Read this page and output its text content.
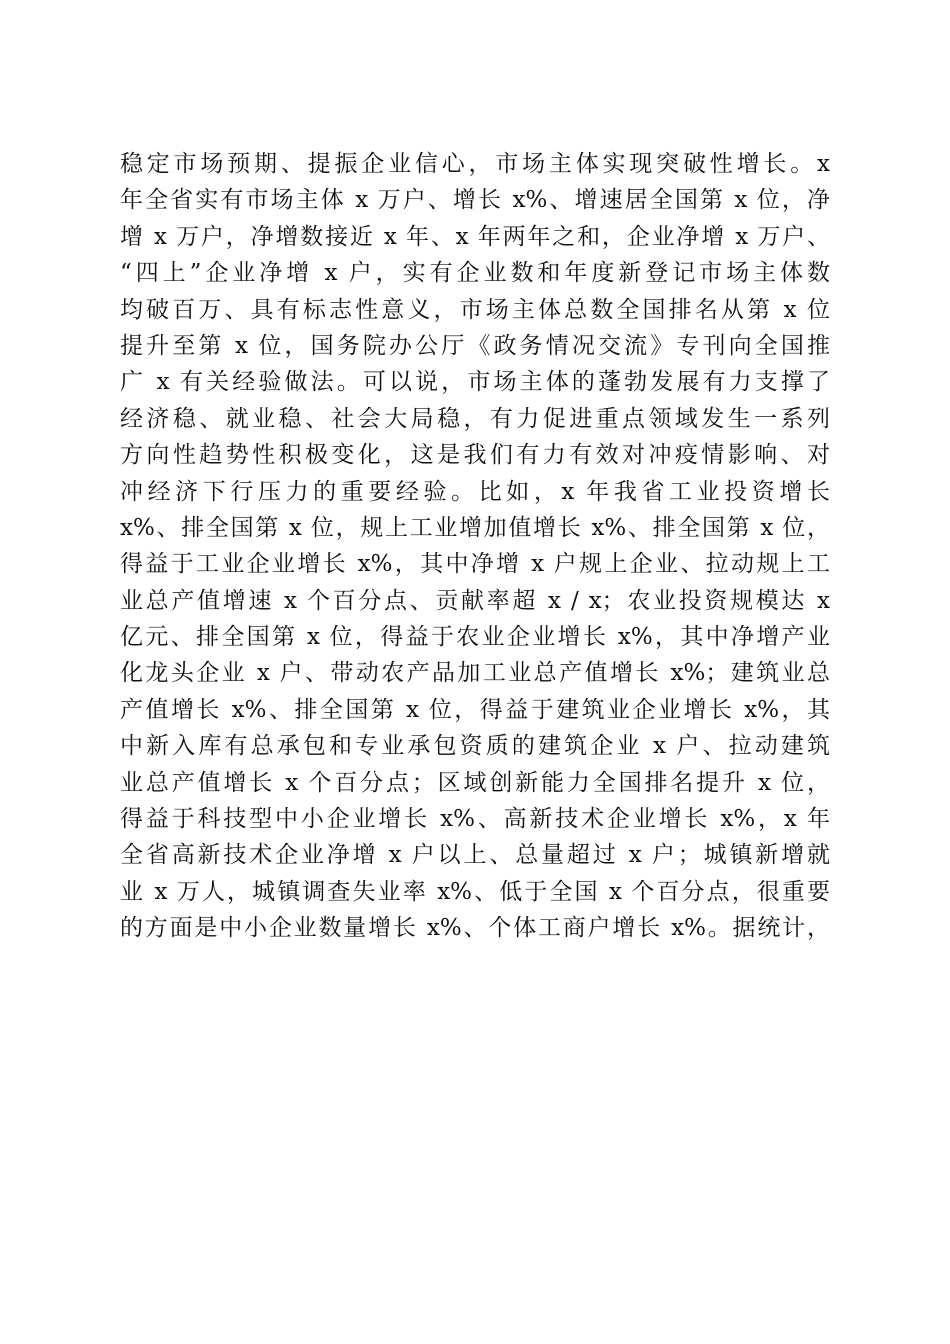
稳定市场预期、提振企业信心，市场主体实现突破性增长。x
年全省实有市场主体 x 万户、增长 x%、增速居全国第 x 位，净
增 x 万户，净增数接近 x 年、x 年两年之和，企业净增 x 万户、
“四上”企业净增 x 户，实有企业数和年度新登记市场主体数
均破百万、具有标志性意义，市场主体总数全国排名从第 x 位
提升至第 x 位，国务院办公厅《政务情况交流》专刊向全国推
广 x 有关经验做法。可以说，市场主体的蓬勃发展有力支撑了
经济稳、就业稳、社会大局稳，有力促进重点领域发生一系列
方向性趋势性积极变化，这是我们有力有效对冲疫情影响、对
冲经济下行压力的重要经验。比如，x 年我省工业投资增长
x%、排全国第 x 位，规上工业增加值增长 x%、排全国第 x 位，
得益于工业企业增长 x%，其中净增 x 户规上企业、拉动规上工
业总产值增速 x 个百分点、贡献率超 x / x；农业投资规模达 x
亿元、排全国第 x 位，得益于农业企业增长 x%，其中净增产业
化龙头企业 x 户、带动农产品加工业总产值增长 x%；建筑业总
产值增长 x%、排全国第 x 位，得益于建筑业企业增长 x%，其
中新入库有总承包和专业承包资质的建筑企业 x 户、拉动建筑
业总产值增长 x 个百分点；区域创新能力全国排名提升 x 位，
得益于科技型中小企业增长 x%、高新技术企业增长 x%，x 年
全省高新技术企业净增 x 户以上、总量超过 x 户；城镇新增就
业 x 万人，城镇调查失业率 x%、低于全国 x 个百分点，很重要
的方面是中小企业数量增长 x%、个体工商户增长 x%。据统计，
